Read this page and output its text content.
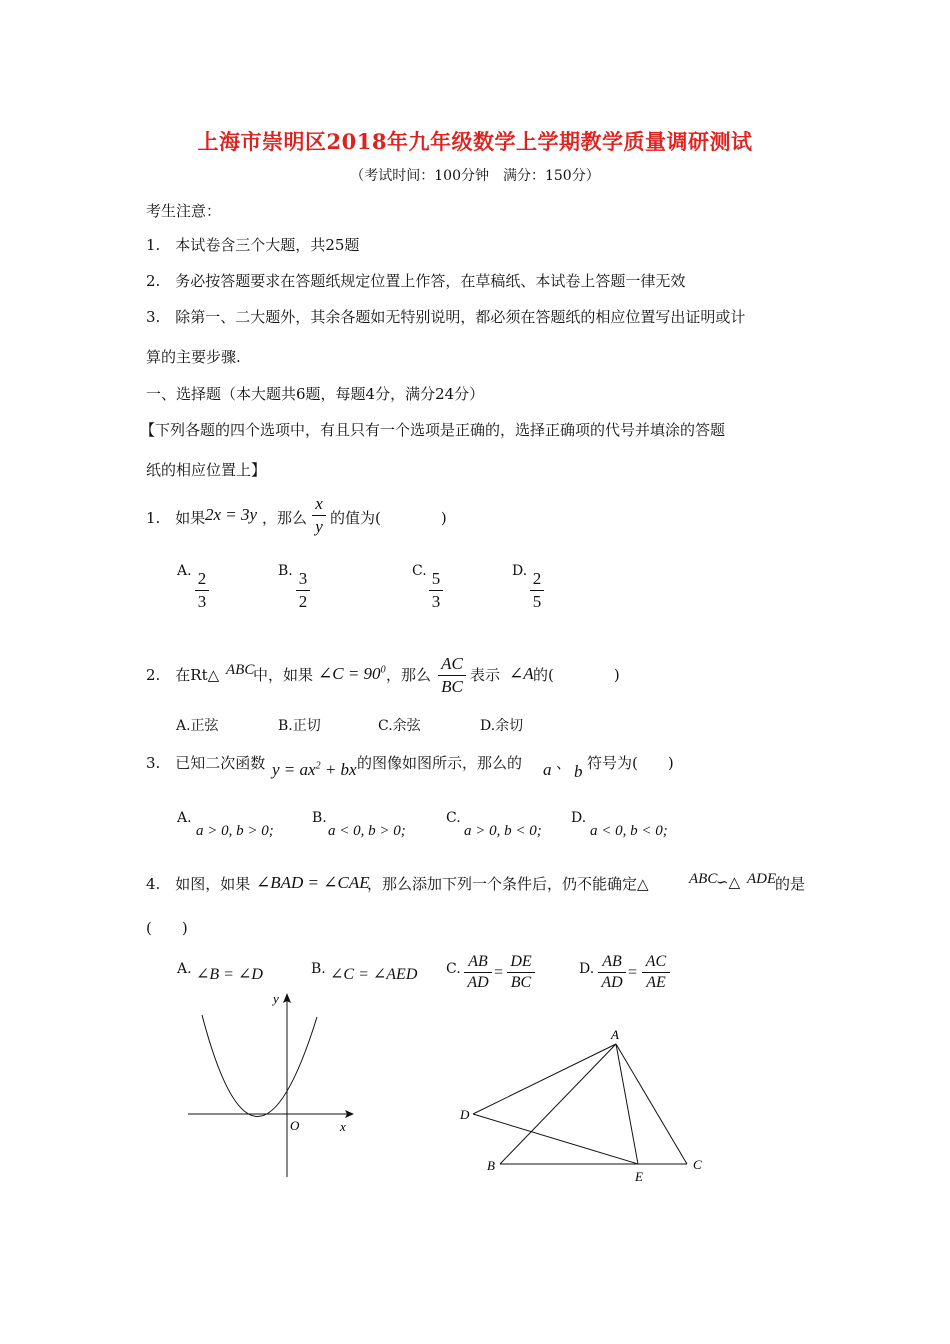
上海市崇明区2018年九年级数学上学期教学质量调研测试
（考试时间：100分钟　满分：150分）
考生注意：
1.　本试卷含三个大题，共25题
2.　务必按答题要求在答题纸规定位置上作答，在草稿纸、本试卷上答题一律无效
3.　除第一、二大题外，其余各题如无特别说明，都必须在答题纸的相应位置写出证明或计
算的主要步骤.
一、选择题（本大题共6题，每题4分，满分24分）
【下列各题的四个选项中，有且只有一个选项是正确的，选择正确项的代号并填涂的答题
纸的相应位置上】
1.　如果 2x = 3y ，那么
x
y 的值为(　　　　)
A. 2
3
B. 3
2
C. 5
3
D. 2
5
2.　在Rt△ ABC
中，如果 ∠C = $90^0$ ，那么
AC
BC
表示 ∠A 的(　　　　)
A.正弦	B.正切	C.余弦	D.余切
3.　已知二次函数 $y = ax^2$ + bx 的图像如图所示，那么的 a 、 b 符号为(　　)
A.
a > 0, b > 0;
B.
a < 0, b > 0;
C.
a > 0, b < 0;
D.
a < 0, b < 0;
4.　如图，如果 ∠BAD = ∠CAE
，那么添加下列一个条件后，仍不能确定△	ABC
∽△ ADE
的是
(　　)
A. ∠B = ∠D	B. ∠C = ∠AED C. AB
AD
=
DE
BC
D. AB
AD
=
AC
AE
y
x
O
A
B	C
D
E
